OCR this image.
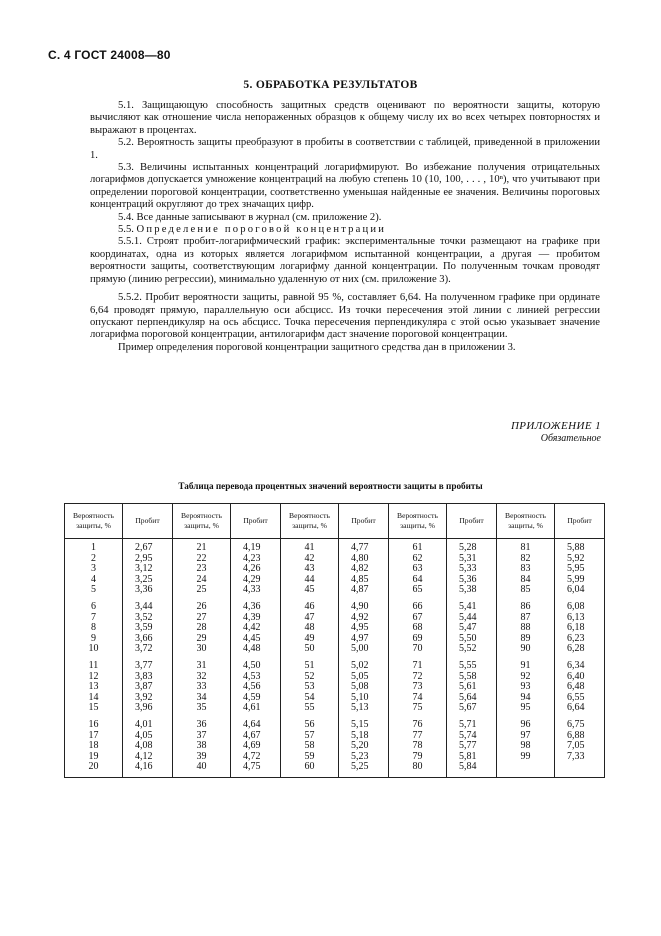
С. 4 ГОСТ 24008—80
5. ОБРАБОТКА РЕЗУЛЬТАТОВ

5.1. Защищающую способность защитных средств оценивают по вероятности защиты, которую вычисляют как отношение числа непораженных образцов к общему числу их во всех четырех повторностях и выражают в процентах.

5.2. Вероятность защиты преобразуют в пробиты в соответствии с таблицей, приведенной в приложении 1.

5.3. Величины испытанных концентраций логарифмируют. Во избежание получения отрицательных логарифмов допускается умножение концентраций на любую степень 10 (10, 100, . . . , 10ⁿ), что учитывают при определении пороговой концентрации, соответственно уменьшая найденные ее значения. Величины пороговых концентраций округляют до трех значащих цифр.

5.4. Все данные записывают в журнал (см. приложение 2).

5.5. Определение пороговой концентрации

5.5.1. Строят пробит-логарифмический график: экспериментальные точки размещают на графике при координатах, одна из которых является логарифмом испытанной концентрации, а другая — пробитом вероятности защиты, соответствующим логарифму данной концентрации. По полученным точкам проводят прямую (линию регрессии), минимально удаленную от них (см. приложение 3).

5.5.2. Пробит вероятности защиты, равной 95 %, составляет 6,64. На полученном графике при ординате 6,64 проводят прямую, параллельную оси абсцисс. Из точки пересечения этой линии с линией регрессии опускают перпендикуляр на ось абсцисс. Точка пересечения перпендикуляра с этой осью указывает значение логарифма пороговой концентрации, антилогарифм даст значение пороговой концентрации.

Пример определения пороговой концентрации защитного средства дан в приложении 3.

ПРИЛОЖЕНИЕ 1
Обязательное
Таблица перевода процентных значений вероятности защиты в пробиты
Вероятность защиты, %	Пробит	Вероятность защиты, %	Пробит	Вероятность защиты, %	Пробит	Вероятность защиты, %	Пробит	Вероятность защиты, %	Пробит
1	2,67	21	4,19	41	4,77	61	5,28	81	5,88
2	2,95	22	4,23	42	4,80	62	5,31	82	5,92
3	3,12	23	4,26	43	4,82	63	5,33	83	5,95
4	3,25	24	4,29	44	4,85	64	5,36	84	5,99
5	3,36	25	4,33	45	4,87	65	5,38	85	6,04
6	3,44	26	4,36	46	4,90	66	5,41	86	6,08
7	3,52	27	4,39	47	4,92	67	5,44	87	6,13
8	3,59	28	4,42	48	4,95	68	5,47	88	6,18
9	3,66	29	4,45	49	4,97	69	5,50	89	6,23
10	3,72	30	4,48	50	5,00	70	5,52	90	6,28
11	3,77	31	4,50	51	5,02	71	5,55	91	6,34
12	3,83	32	4,53	52	5,05	72	5,58	92	6,40
13	3,87	33	4,56	53	5,08	73	5,61	93	6,48
14	3,92	34	4,59	54	5,10	74	5,64	94	6,55
15	3,96	35	4,61	55	5,13	75	5,67	95	6,64
16	4,01	36	4,64	56	5,15	76	5,71	96	6,75
17	4,05	37	4,67	57	5,18	77	5,74	97	6,88
18	4,08	38	4,69	58	5,20	78	5,77	98	7,05
19	4,12	39	4,72	59	5,23	79	5,81	99	7,33
20	4,16	40	4,75	60	5,25	80	5,84		
